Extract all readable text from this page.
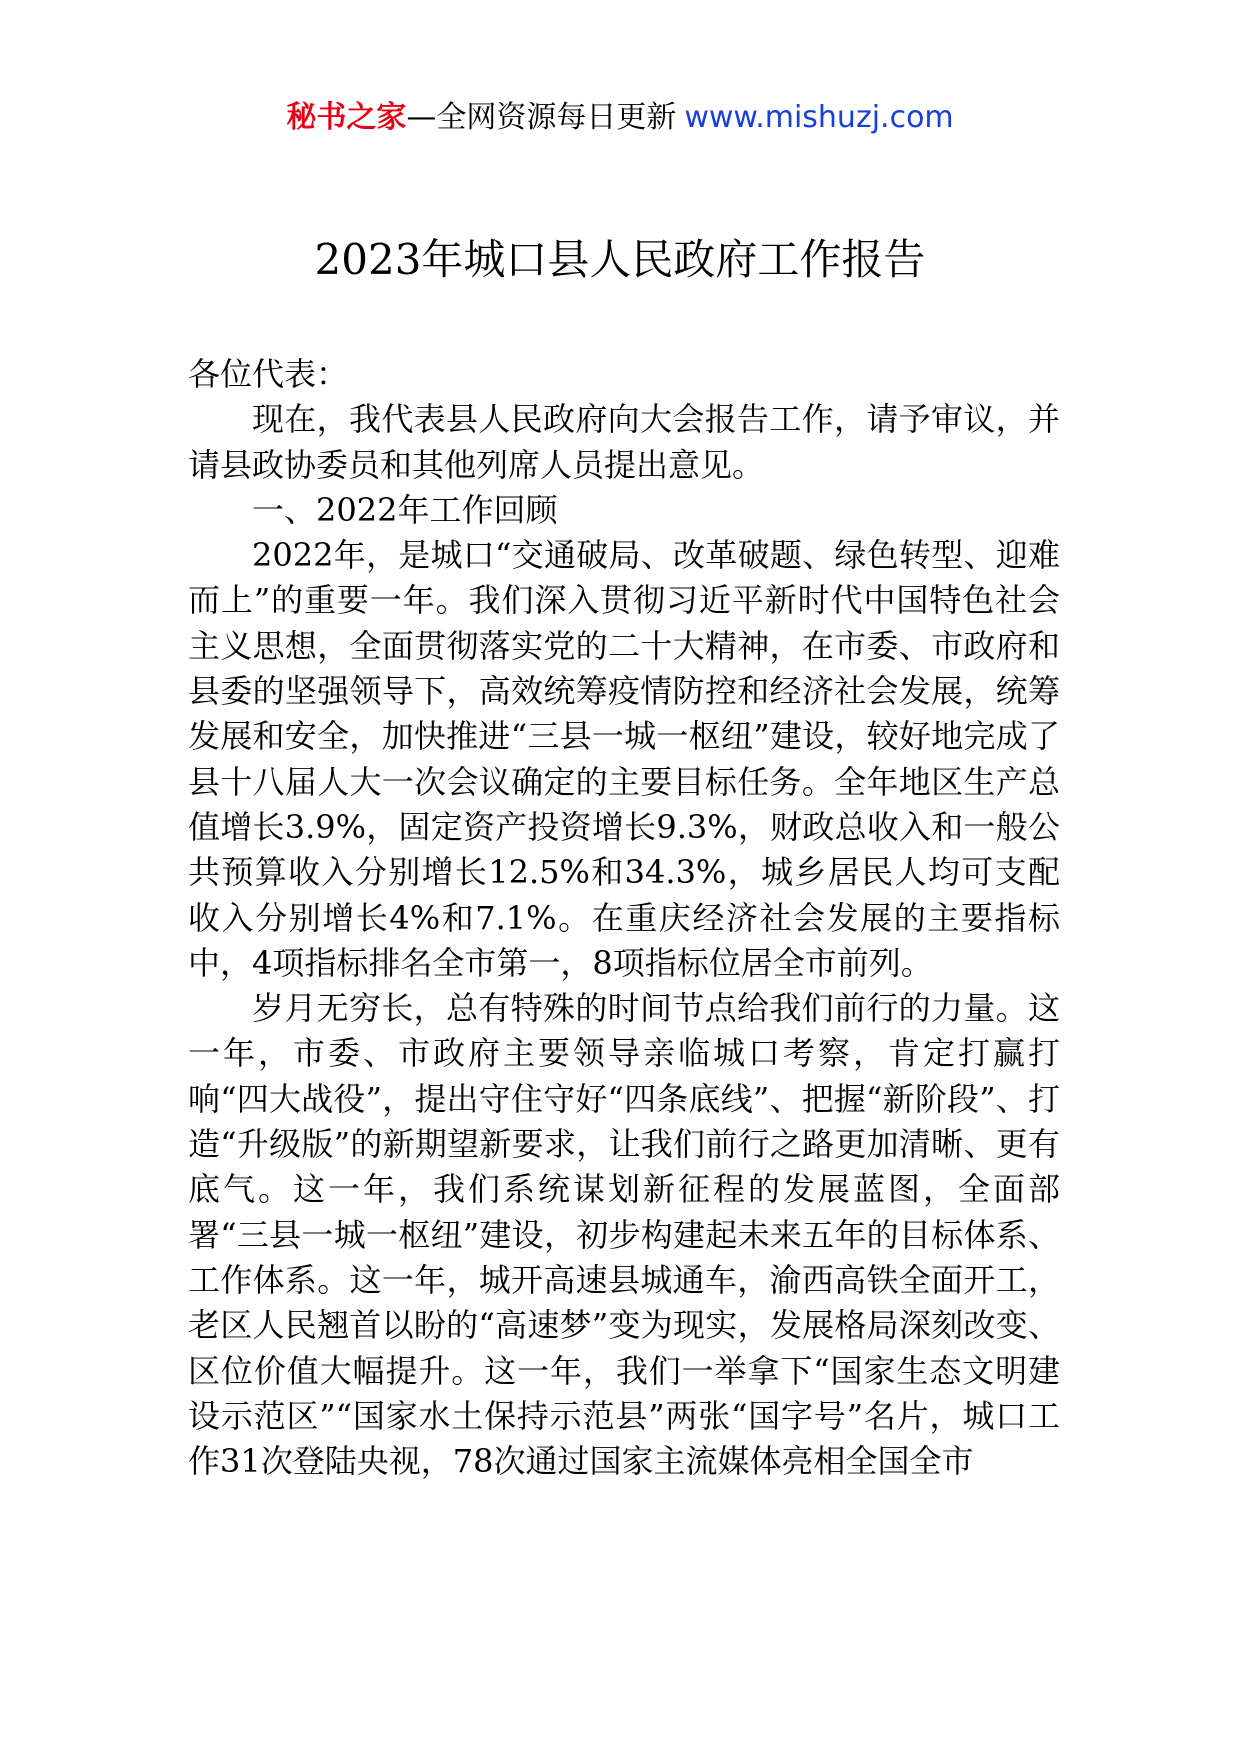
秘书之家—全网资源每日更新 www.mishuzj.com
2023年城口县人民政府工作报告

各位代表：

现在，我代表县人民政府向大会报告工作，请予审议，并请县政协委员和其他列席人员提出意见。

一、2022年工作回顾

2022年，是城口“交通破局、改革破题、绿色转型、迎难而上”的重要一年。我们深入贯彻习近平新时代中国特色社会主义思想，全面贯彻落实党的二十大精神，在市委、市政府和县委的坚强领导下，高效统筹疫情防控和经济社会发展，统筹发展和安全，加快推进“三县一城一枢纽”建设，较好地完成了县十八届人大一次会议确定的主要目标任务。全年地区生产总值增长3.9%，固定资产投资增长9.3%，财政总收入和一般公共预算收入分别增长12.5%和34.3%，城乡居民人均可支配收入分别增长4%和7.1%。在重庆经济社会发展的主要指标中，4项指标排名全市第一，8项指标位居全市前列。

岁月无穷长，总有特殊的时间节点给我们前行的力量。这一年，市委、市政府主要领导亲临城口考察，肯定打赢打响“四大战役”，提出守住守好“四条底线”、把握“新阶段”、打造“升级版”的新期望新要求，让我们前行之路更加清晰、更有底气。这一年，我们系统谋划新征程的发展蓝图，全面部署“三县一城一枢纽”建设，初步构建起未来五年的目标体系、工作体系。这一年，城开高速县城通车，渝西高铁全面开工，老区人民翘首以盼的“高速梦”变为现实，发展格局深刻改变、区位价值大幅提升。这一年，我们一举拿下“国家生态文明建设示范区”“国家水土保持示范县”两张“国字号”名片，城口工作31次登陆央视，78次通过国家主流媒体亮相全国全市
